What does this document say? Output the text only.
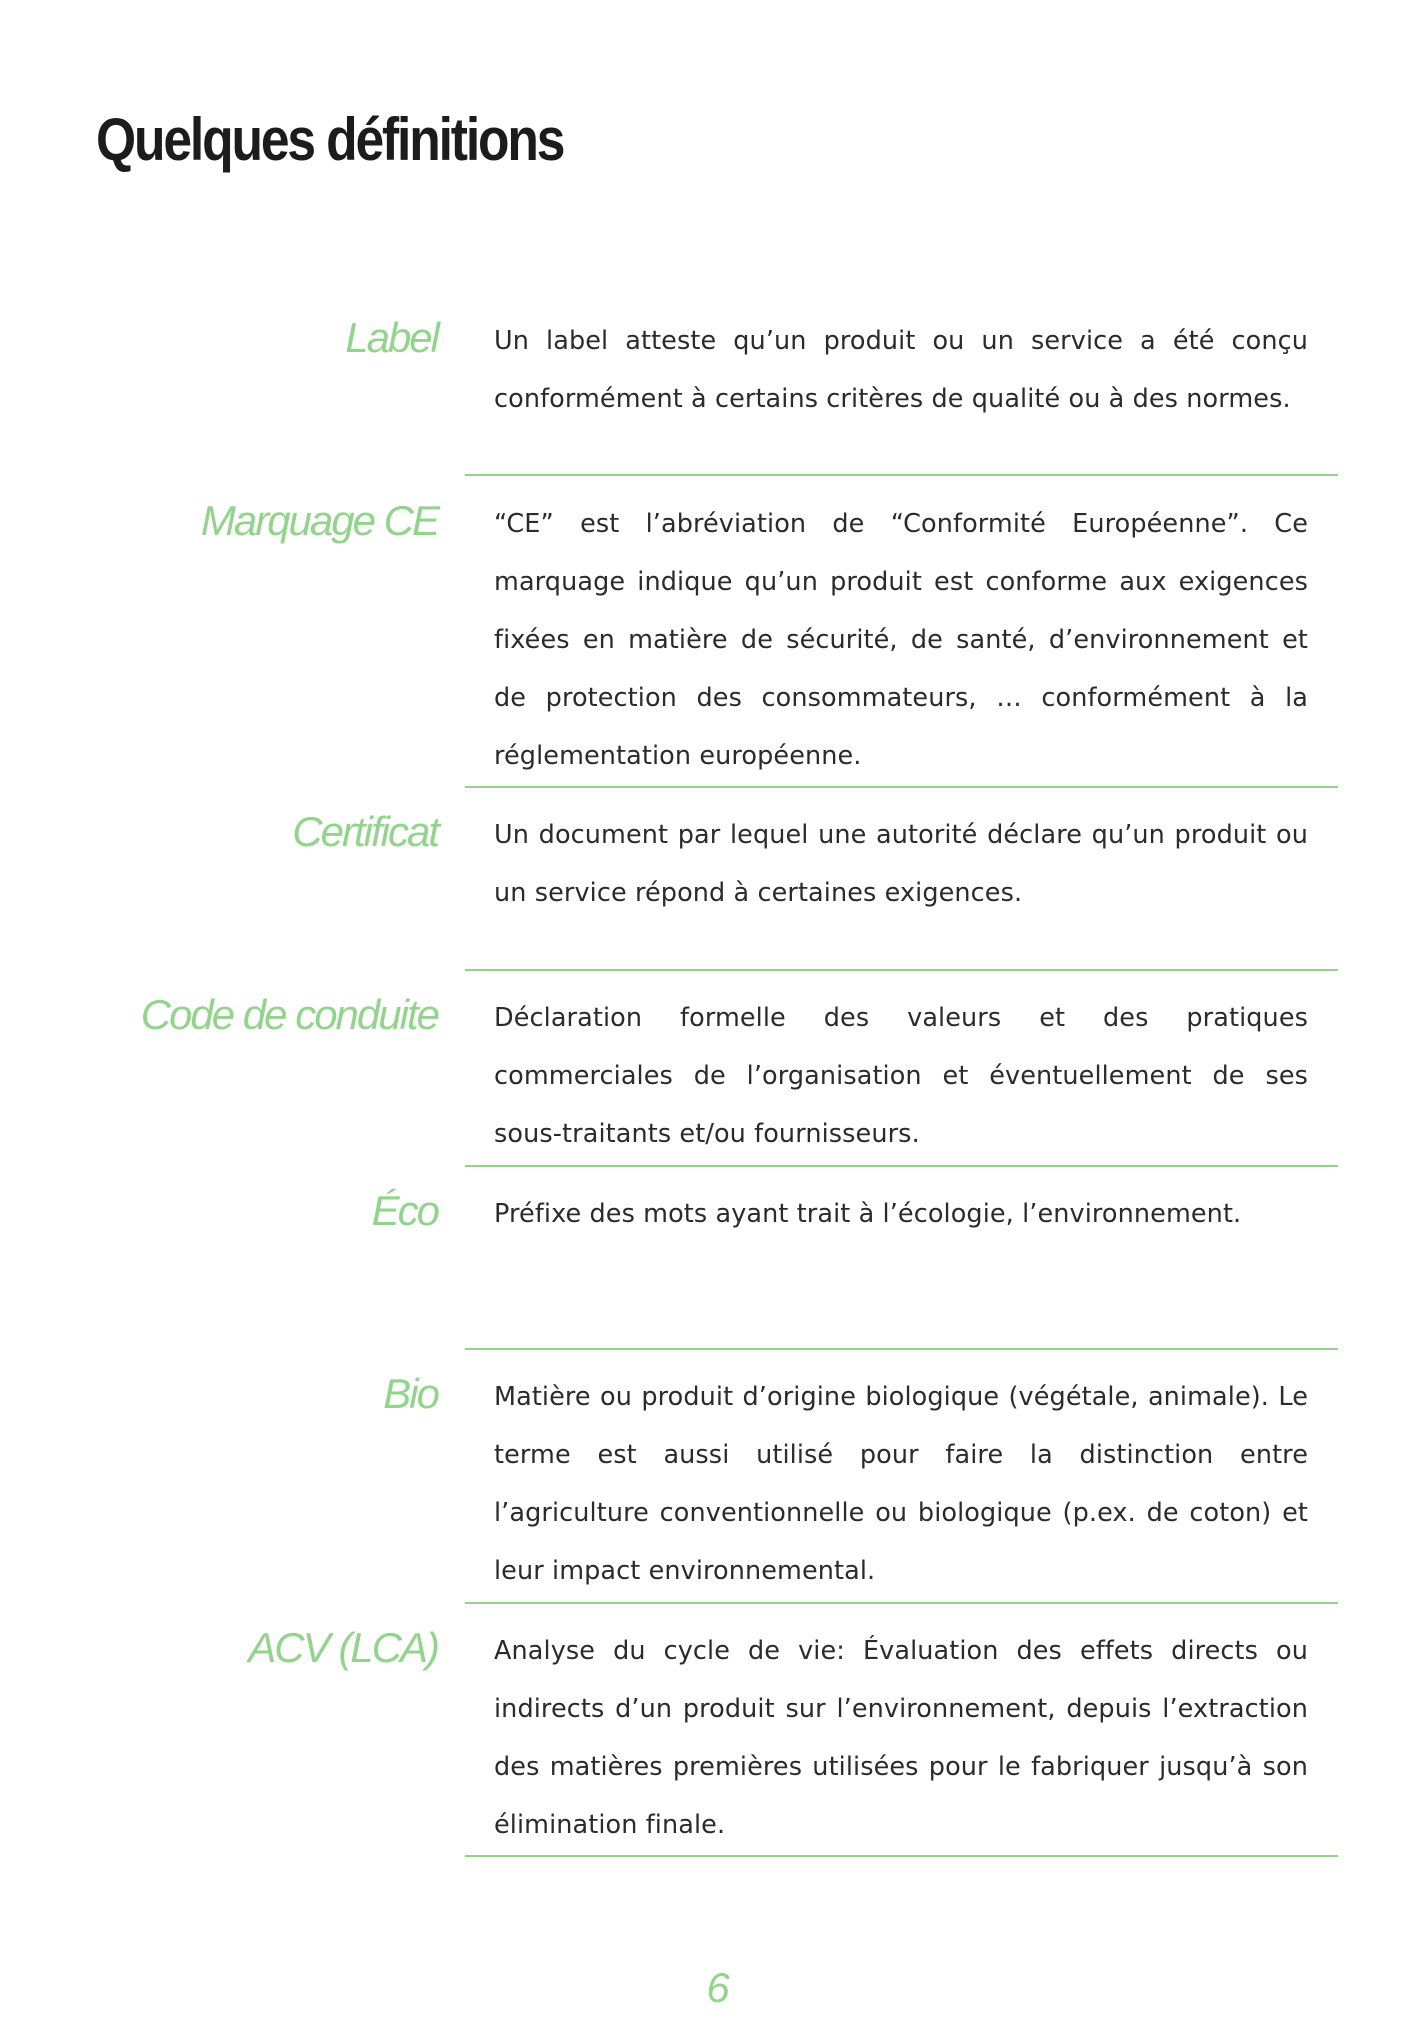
Quelques définitions
Label Un label atteste qu’un produit ou un service a été conçu conformément à certains critères de qualité ou à des normes.

Marquage CE “CE” est l’abréviation de “Conformité Européenne”. Ce marquage indique qu’un produit est conforme aux exigences fixées en matière de sécurité, de santé, d’environnement et de protection des consommateurs, … conformément à la réglementation européenne.

Certificat Un document par lequel une autorité déclare qu’un produit ou un service répond à certaines exigences.

Code de conduite Déclaration formelle des valeurs et des pratiques commerciales de l’organisation et éventuellement de ses sous-traitants et/ou fournisseurs.

Éco Préfixe des mots ayant trait à l’écologie, l’environnement.

Bio Matière ou produit d’origine biologique (végétale, animale). Le terme est aussi utilisé pour faire la distinction entre l’agriculture conventionnelle ou biologique (p.ex. de coton) et leur impact environnemental.

ACV (LCA) Analyse du cycle de vie: Évaluation des effets directs ou indirects d’un produit sur l’environnement, depuis l’extraction des matières premières utilisées pour le fabriquer jusqu’à son élimination finale.

6
